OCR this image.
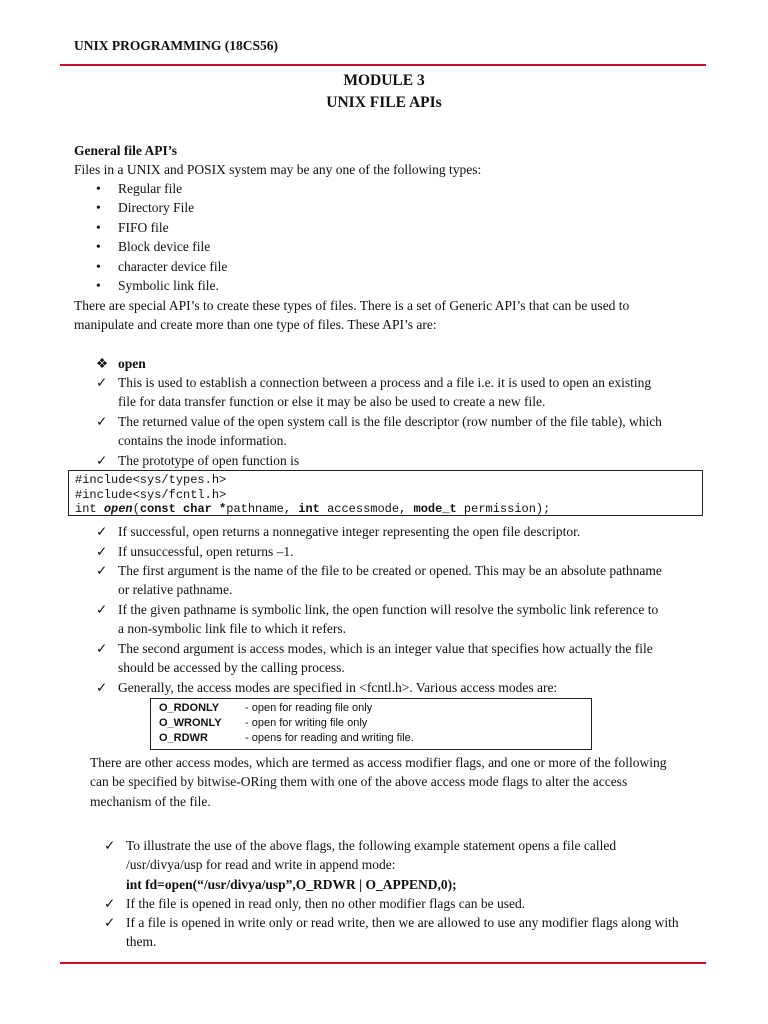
UNIX PROGRAMMING (18CS56)
MODULE 3
UNIX FILE APIs
General file API’s
Files in a UNIX and POSIX system may be any one of the following types:
• Regular file
• Directory File
• FIFO file
• Block device file
• character device file
• Symbolic link file.
There are special API’s to create these types of files. There is a set of Generic API’s that can be used to
manipulate and create more than one type of files. These API’s are:
❖ open
✓ This is used to establish a connection between a process and a file i.e. it is used to open an existing
file for data transfer function or else it may be also be used to create a new file.
✓ The returned value of the open system call is the file descriptor (row number of the file table), which
contains the inode information.
✓ The prototype of open function is
#include<sys/types.h>
#include<sys/fcntl.h>
int open(const char *pathname, int accessmode, mode_t permission);
✓ If successful, open returns a nonnegative integer representing the open file descriptor.
✓ If unsuccessful, open returns –1.
✓ The first argument is the name of the file to be created or opened. This may be an absolute pathname
or relative pathname.
✓ If the given pathname is symbolic link, the open function will resolve the symbolic link reference to
a non-symbolic link file to which it refers.
✓ The second argument is access modes, which is an integer value that specifies how actually the file
should be accessed by the calling process.
✓ Generally, the access modes are specified in <fcntl.h>. Various access modes are:
O_RDONLY - open for reading file only
O_WRONLY - open for writing file only
O_RDWR	- opens for reading and writing file.
There are other access modes, which are termed as access modifier flags, and one or more of the following
can be specified by bitwise-ORing them with one of the above access mode flags to alter the access
mechanism of the file.
✓ To illustrate the use of the above flags, the following example statement opens a file called
/usr/divya/usp for read and write in append mode:
int fd=open(“/usr/divya/usp”,O_RDWR | O_APPEND,0);
✓ If the file is opened in read only, then no other modifier flags can be used.
✓ If a file is opened in write only or read write, then we are allowed to use any modifier flags along with
them.
